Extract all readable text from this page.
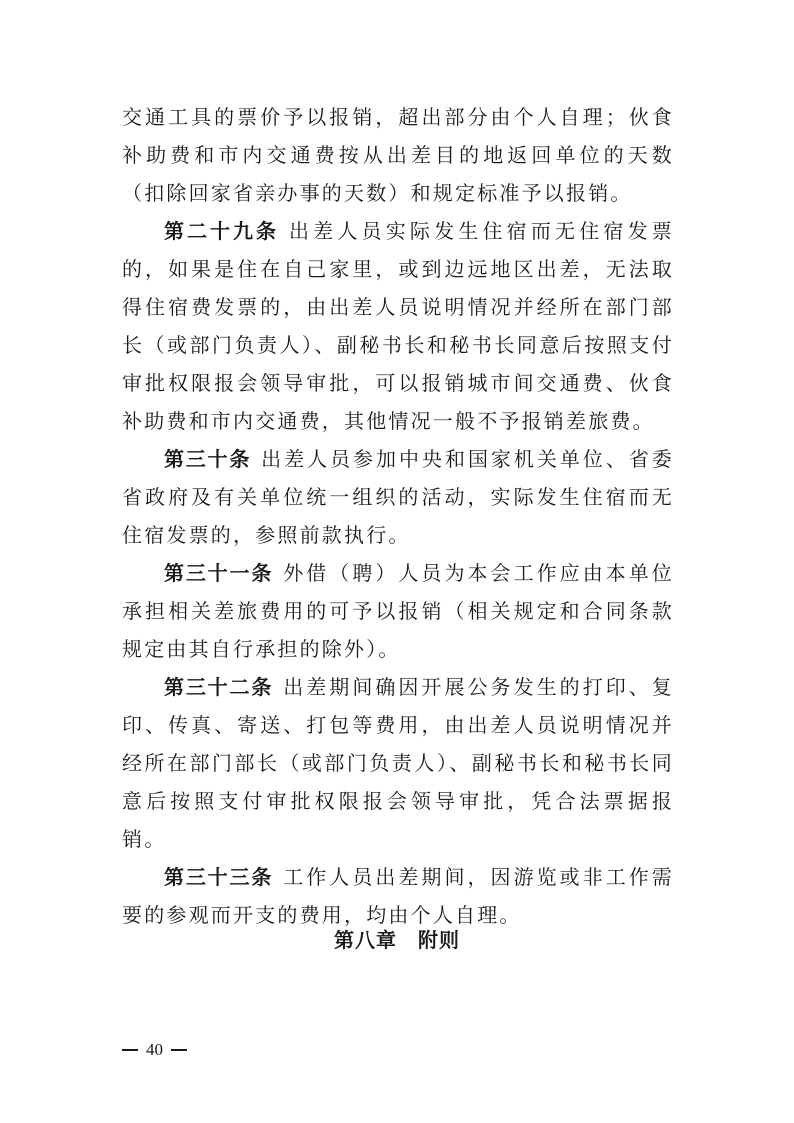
交通工具的票价予以报销，超出部分由个人自理；伙食补助费和市内交通费按从出差目的地返回单位的天数（扣除回家省亲办事的天数）和规定标准予以报销。

第二十九条 出差人员实际发生住宿而无住宿发票的，如果是住在自己家里，或到边远地区出差，无法取得住宿费发票的，由出差人员说明情况并经所在部门部长（或部门负责人）、副秘书长和秘书长同意后按照支付审批权限报会领导审批，可以报销城市间交通费、伙食补助费和市内交通费，其他情况一般不予报销差旅费。

第三十条 出差人员参加中央和国家机关单位、省委省政府及有关单位统一组织的活动，实际发生住宿而无住宿发票的，参照前款执行。

第三十一条 外借（聘）人员为本会工作应由本单位承担相关差旅费用的可予以报销（相关规定和合同条款规定由其自行承担的除外）。

第三十二条 出差期间确因开展公务发生的打印、复印、传真、寄送、打包等费用，由出差人员说明情况并经所在部门部长（或部门负责人）、副秘书长和秘书长同意后按照支付审批权限报会领导审批，凭合法票据报销。

第三十三条 工作人员出差期间，因游览或非工作需要的参观而开支的费用，均由个人自理。

第八章　附则
40
